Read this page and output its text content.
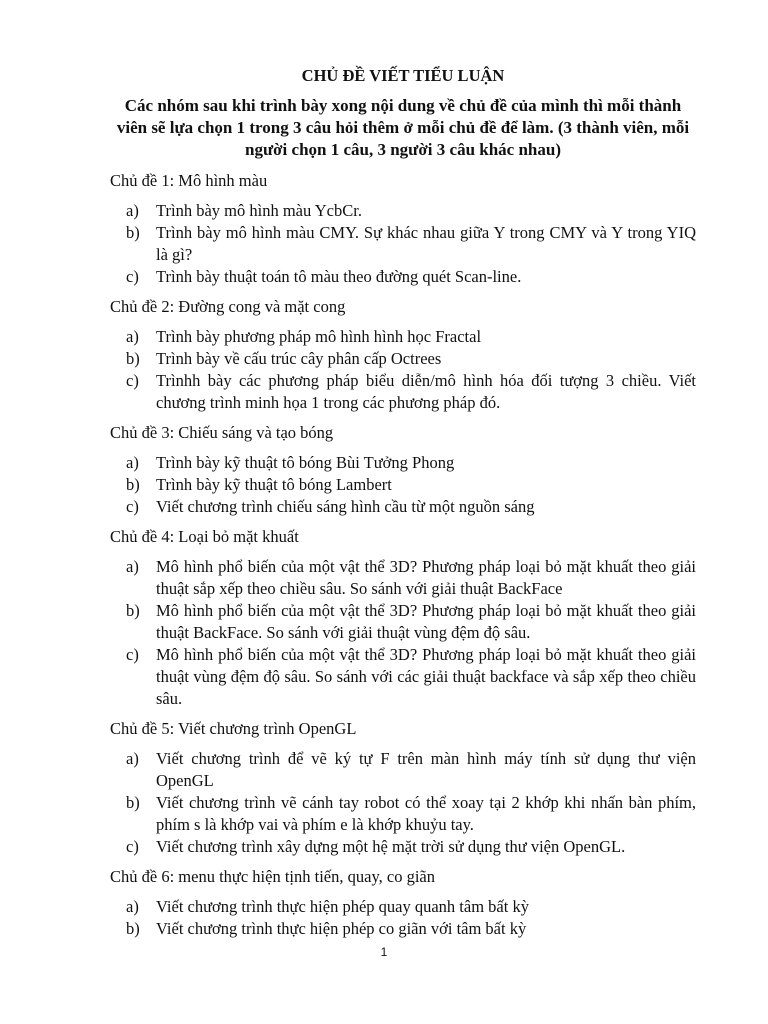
CHỦ ĐỀ VIẾT TIỂU LUẬN
Các nhóm sau khi trình bày xong nội dung về chủ đề của mình thì mỗi thành viên sẽ lựa chọn 1 trong 3 câu hỏi thêm ở mỗi chủ đề để làm. (3 thành viên, mỗi người chọn 1 câu, 3 người 3 câu khác nhau)
Chủ đề 1: Mô hình màu
a) Trình bày mô hình màu YcbCr.
b) Trình bày mô hình màu CMY. Sự khác nhau giữa Y trong CMY và Y trong YIQ là gì?
c) Trình bày thuật toán tô màu theo đường quét Scan-line.
Chủ đề 2: Đường cong và mặt cong
a) Trình bày phương pháp mô hình hình học Fractal
b) Trình bày về cấu trúc cây phân cấp Octrees
c) Trìnhh bày các phương pháp biểu diễn/mô hình hóa đối tượng 3 chiều. Viết chương trình minh họa 1 trong các phương pháp đó.
Chủ đề 3: Chiếu sáng và tạo bóng
a) Trình bày kỹ thuật tô bóng Bùi Tưởng Phong
b) Trình bày kỹ thuật tô bóng Lambert
c) Viết chương trình chiếu sáng hình cầu từ một nguồn sáng
Chủ đề 4: Loại bỏ mặt khuất
a) Mô hình phổ biến của một vật thể 3D? Phương pháp loại bỏ mặt khuất theo giải thuật sắp xếp theo chiều sâu. So sánh với giải thuật BackFace
b) Mô hình phổ biến của một vật thể 3D? Phương pháp loại bỏ mặt khuất theo giải thuật BackFace. So sánh với giải thuật vùng đệm độ sâu.
c) Mô hình phổ biến của một vật thể 3D? Phương pháp loại bỏ mặt khuất theo giải thuật vùng đệm độ sâu. So sánh với các giải thuật backface và sắp xếp theo chiều sâu.
Chủ đề 5: Viết chương trình OpenGL
a) Viết chương trình để vẽ ký tự F trên màn hình máy tính sử dụng thư viện OpenGL
b) Viết chương trình vẽ cánh tay robot có thể xoay tại 2 khớp khi nhấn bàn phím, phím s là khớp vai và phím e là khớp khuỷu tay.
c) Viết chương trình xây dựng một hệ mặt trời sử dụng thư viện OpenGL.
Chủ đề 6: menu thực hiện tịnh tiến, quay, co giãn
a) Viết chương trình thực hiện phép quay quanh tâm bất kỳ
b) Viết chương trình thực hiện phép co giãn với tâm bất kỳ
1
